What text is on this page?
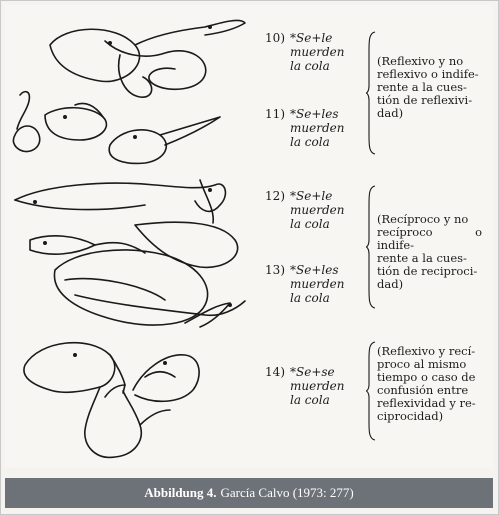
10) *Se+le
muerden
la cola
11) *Se+les
muerden
la cola
12) *Se+le
muerden
la cola
13) *Se+les
muerden
la cola
14) *Se+se
muerden
la cola
(Reflexivo y no
reflexivo o indife-
rente a la cues-
tión de reflexivi-
dad)
(Recíproco y no
recíproco o indife-
rente a la cues-
tión de reciproci-
dad)
(Reflexivo y recí-
proco al mismo
tiempo o caso de
confusión entre
reflexividad y re-
ciprocidad)
Abbildung 4. García Calvo (1973: 277)
